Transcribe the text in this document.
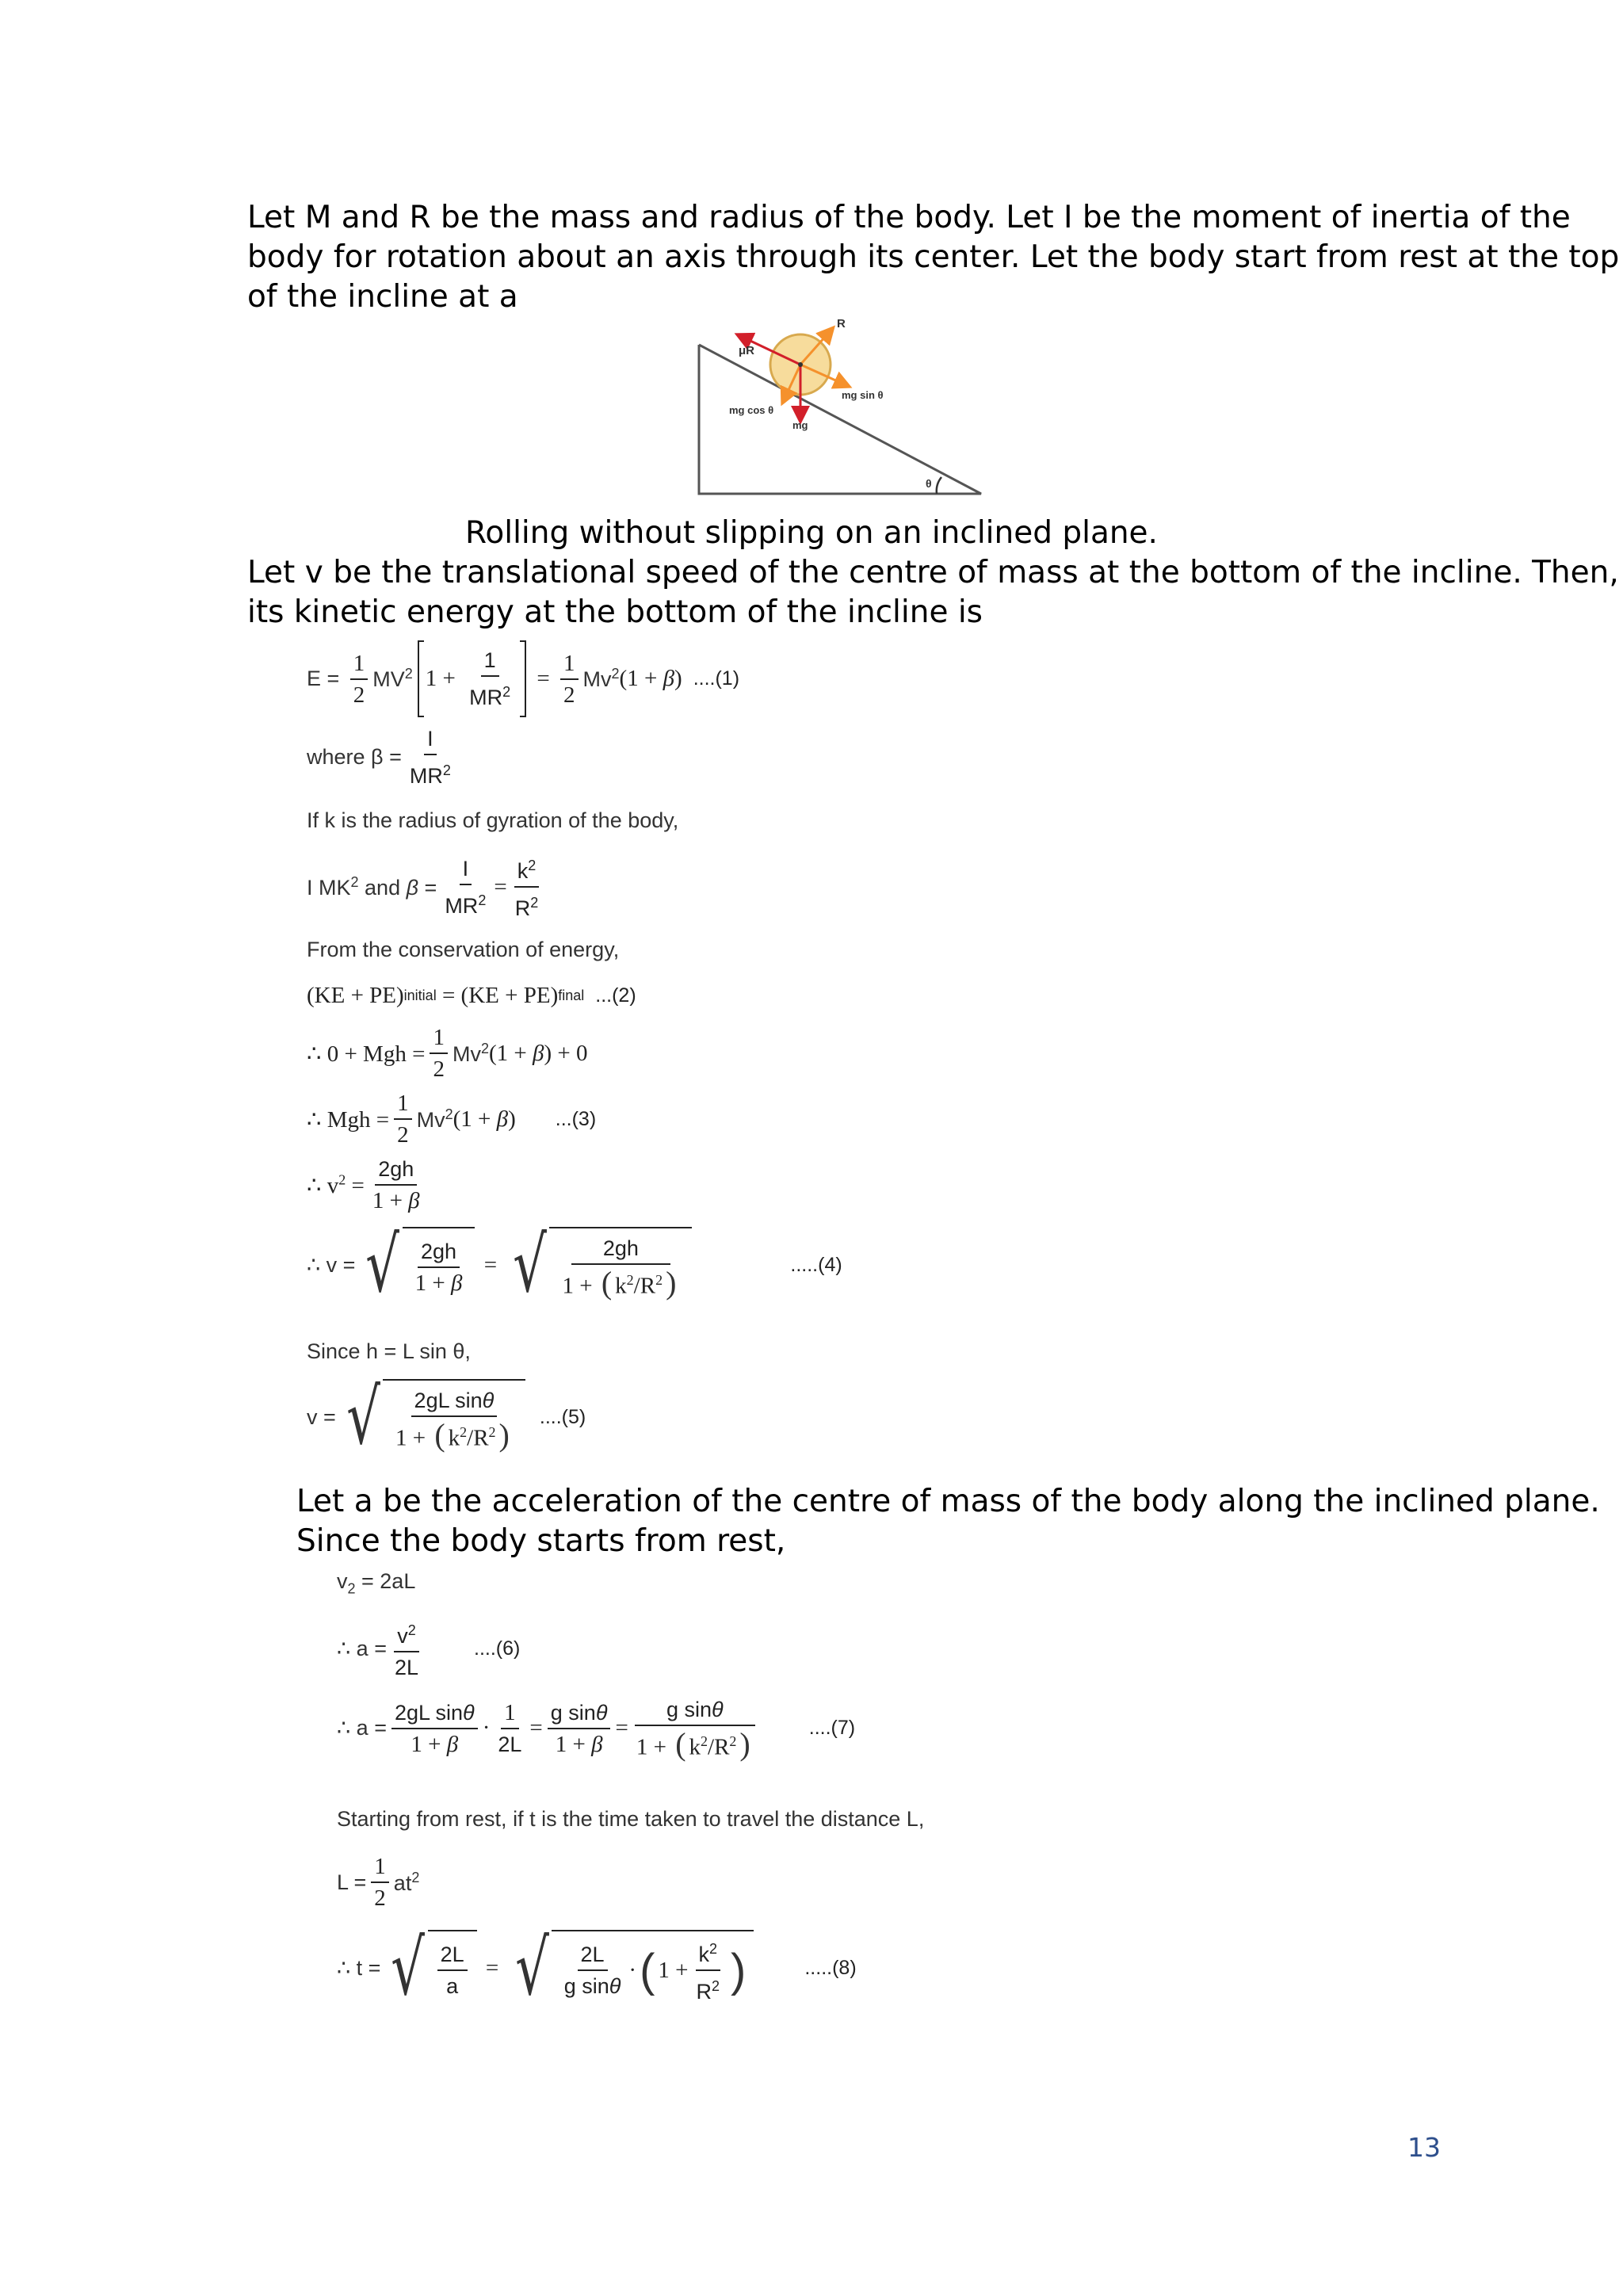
Let M and R be the mass and radius of the body. Let I be the moment of inertia of the

body for rotation about an axis through its center. Let the body start from rest at the top

of the incline at a

μR
R
mg sin θ
mg cos θ
mg
θ
Rolling without slipping on an inclined plane.

Let v be the translational speed of the centre of mass at the bottom of the incline. Then,

its kinetic energy at the bottom of the incline is

$E = \frac{1}{2} MV^2$ $1 + \frac{1}{MR^2} = \frac{1}{2} Mv^2$ (1 + β) ....(1)
where $\beta = \frac{I}{MR^2}$
If k is the radius of gyration of the body,
I $MK^2$ and $\beta = \frac{I}{MR^2} = \frac{k^2}{R^2}$
From the conservation of energy,
(KE + PE) initial = (KE + PE) final ...(2)
∴ 0 + Mgh = $\frac{1}{2} Mv^2$ (1 + β) + 0
∴ Mgh = $\frac{1}{2} Mv^2$ (1 + β) ...(3)
∴ $v^2 = \frac{2gh}{1 + \beta}$
∴ v = √ $\frac{2gh}{1 + \beta}$ = √ $\frac{2gh}{1 + ( k^2/R^2 )}$	.....(4)
Since h = L sin θ,
v = √ $\frac{\text{2gL sinθ}}{1 + ( k^2/R^2 )} ....(5)$

Let a be the acceleration of the centre of mass of the body along the inclined plane.

Since the body starts from rest,

$v_2 = 2aL$
∴ $a = \frac{v^2}{2L}$	....(6)
∴ $a = \frac{\text{2gL sinθ}}{1 + \beta} \cdot \frac{1}{2L} = \frac{\text{g sinθ}}{1 + \beta} = \frac{\text{g sinθ}}{1 + ( k^2/R^2 )}$	....(7)
Starting from rest, if t is the time taken to travel the distance L,
$L = \frac{1}{2} at^2$
∴ t = √ $\frac{2L}{a}$ = √ $\frac{2L}{\text{g sinθ}}$ · ( $1 + \frac{k^2}{R^2}$ )	.....(8)
13
